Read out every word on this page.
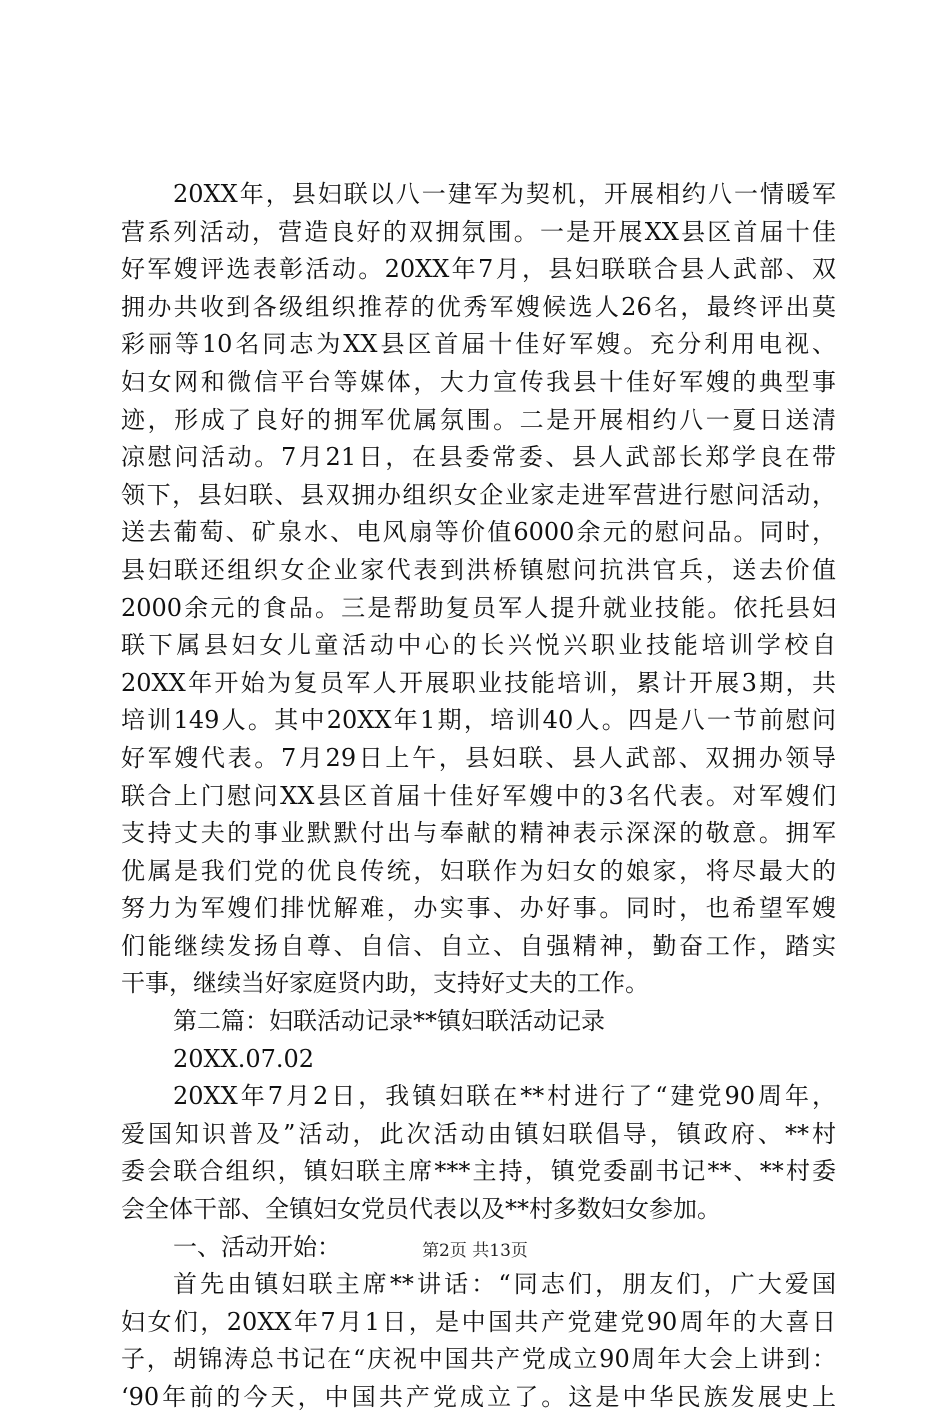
20XX年，县妇联以八一建军为契机，开展相约八一情暖军
营系列活动，营造良好的双拥氛围。一是开展XX县区首届十佳
好军嫂评选表彰活动。20XX年7月，县妇联联合县人武部、双
拥办共收到各级组织推荐的优秀军嫂候选人26名，最终评出莫
彩丽等10名同志为XX县区首届十佳好军嫂。充分利用电视、
妇女网和微信平台等媒体，大力宣传我县十佳好军嫂的典型事
迹，形成了良好的拥军优属氛围。二是开展相约八一夏日送清
凉慰问活动。7月21日，在县委常委、县人武部长郑学良在带
领下，县妇联、县双拥办组织女企业家走进军营进行慰问活动，
送去葡萄、矿泉水、电风扇等价值6000余元的慰问品。同时，
县妇联还组织女企业家代表到洪桥镇慰问抗洪官兵，送去价值
2000余元的食品。三是帮助复员军人提升就业技能。依托县妇
联下属县妇女儿童活动中心的长兴悦兴职业技能培训学校自
20XX年开始为复员军人开展职业技能培训，累计开展3期，共
培训149人。其中20XX年1期，培训40人。四是八一节前慰问
好军嫂代表。7月29日上午，县妇联、县人武部、双拥办领导
联合上门慰问XX县区首届十佳好军嫂中的3名代表。对军嫂们
支持丈夫的事业默默付出与奉献的精神表示深深的敬意。拥军
优属是我们党的优良传统，妇联作为妇女的娘家，将尽最大的
努力为军嫂们排忧解难，办实事、办好事。同时，也希望军嫂
们能继续发扬自尊、自信、自立、自强精神，勤奋工作，踏实
干事，继续当好家庭贤内助，支持好丈夫的工作。
第二篇：妇联活动记录**镇妇联活动记录
20XX.07.02
20XX年7月2日，我镇妇联在**村进行了“建党90周年，
爱国知识普及”活动，此次活动由镇妇联倡导，镇政府、**村
委会联合组织，镇妇联主席***主持，镇党委副书记**、**村委
会全体干部、全镇妇女党员代表以及**村多数妇女参加。
一、活动开始：
首先由镇妇联主席**讲话：“同志们，朋友们，广大爱国
妇女们，20XX年7月1日，是中国共产党建党90周年的大喜日
子，胡锦涛总书记在“庆祝中国共产党成立90周年大会上讲到：
‘90年前的今天，中国共产党成立了。这是中华民族发展史上
第2页 共13页
